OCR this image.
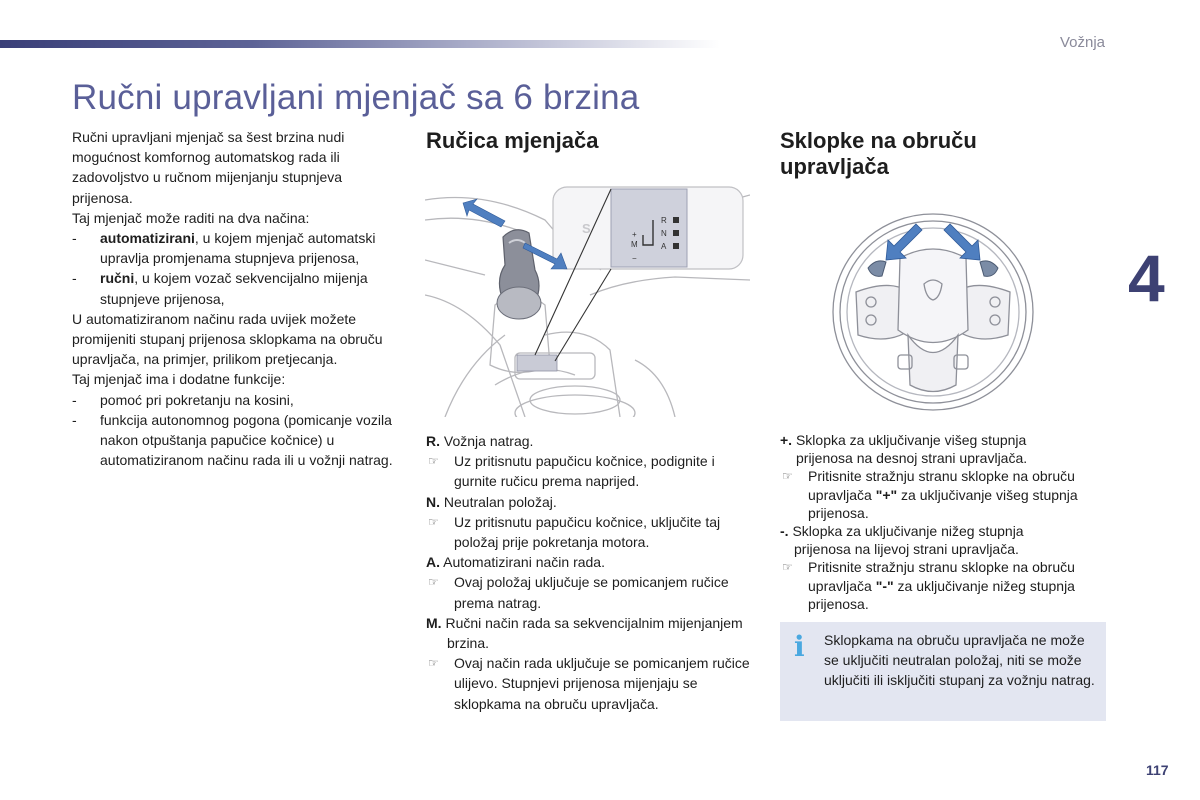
Vožnja
Ručni upravljani mjenjač sa 6 brzina
4
117

Ručni upravljani mjenjač sa šest brzina nudi mogućnost komfornog automatskog rada ili zadovoljstvo u ručnom mijenjanju stupnjeva prijenosa.

Taj mjenjač može raditi na dva načina:

-	automatizirani, u kojem mjenjač automatski upravlja promjenama stupnjeva prijenosa,
-	ručni, u kojem vozač sekvencijalno mijenja stupnjeve prijenosa,

U automatiziranom načinu rada uvijek možete promijeniti stupanj prijenosa sklopkama na obruču upravljača, na primjer, prilikom pretjecanja.

Taj mjenjač ima i dodatne funkcije:

-	pomoć pri pokretanju na kosini,
-	funkcija autonomnog pogona (pomicanje vozila nakon otpuštanja papučice kočnice) u automatiziranom načinu rada ili u vožnji natrag.
Ručica mjenjača
S
R
N
A
M
+
−

R. Vožnja natrag.

☞ Uz pritisnutu papučicu kočnice, podignite i gurnite ručicu prema naprijed.

N. Neutralan položaj.

☞ Uz pritisnutu papučicu kočnice, uključite taj položaj prije pokretanja motora.

A. Automatizirani način rada.

☞ Ovaj položaj uključuje se pomicanjem ručice prema natrag.

M. Ručni način rada sa sekvencijalnim mijenjanjem brzina.

☞ Ovaj način rada uključuje se pomicanjem ručice ulijevo. Stupnjevi prijenosa mijenjaju se sklopkama na obruču upravljača.

Sklopke na obruču
upravljača

+. Sklopka za uključivanje višeg stupnja prijenosa na desnoj strani upravljača.

☞ Pritisnite stražnju stranu sklopke na obruču upravljača "+" za uključivanje višeg stupnja prijenosa.

-. Sklopka za uključivanje nižeg stupnja prijenosa na lijevoj strani upravljača.

☞ Pritisnite stražnju stranu sklopke na obruču upravljača "-" za uključivanje nižeg stupnja prijenosa.

i Sklopkama na obruču upravljača ne može se uključiti neutralan položaj, niti se može uključiti ili isključiti stupanj za vožnju natrag.
